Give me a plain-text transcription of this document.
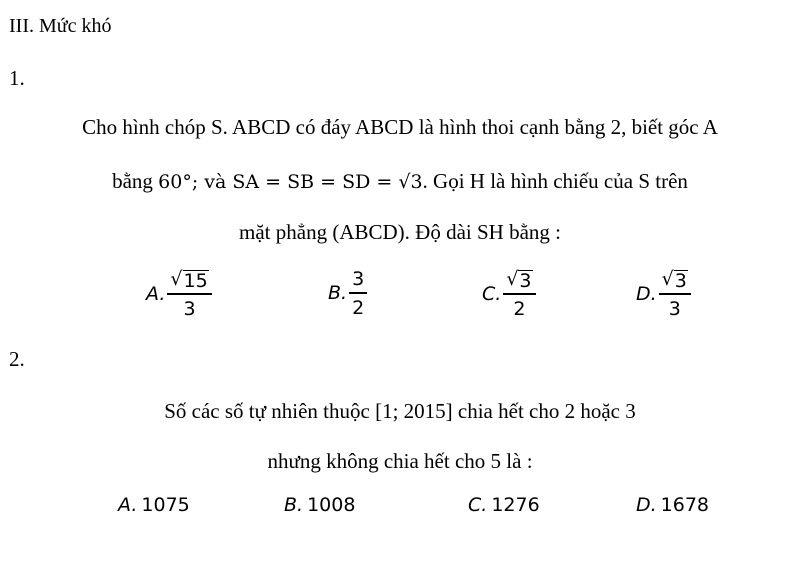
III. Mức khó
1.
Cho hình chóp S. ABCD có đáy ABCD là hình thoi cạnh bằng 2, biết góc A
bằng 60°; và SA = SB = SD = √3. Gọi H là hình chiếu của S trên
mặt phẳng (ABCD). Độ dài SH bằng :
A. $\frac{√ 15}{3}$	B. $\frac{3}{2}$	C. $\frac{√ 3}{2}$	D. $\frac{√ 3}{3}$
2.
Số các số tự nhiên thuộc [1; 2015] chia hết cho 2 hoặc 3
nhưng không chia hết cho 5 là :
A. 1075	B. 1008	C. 1276	D. 1678
